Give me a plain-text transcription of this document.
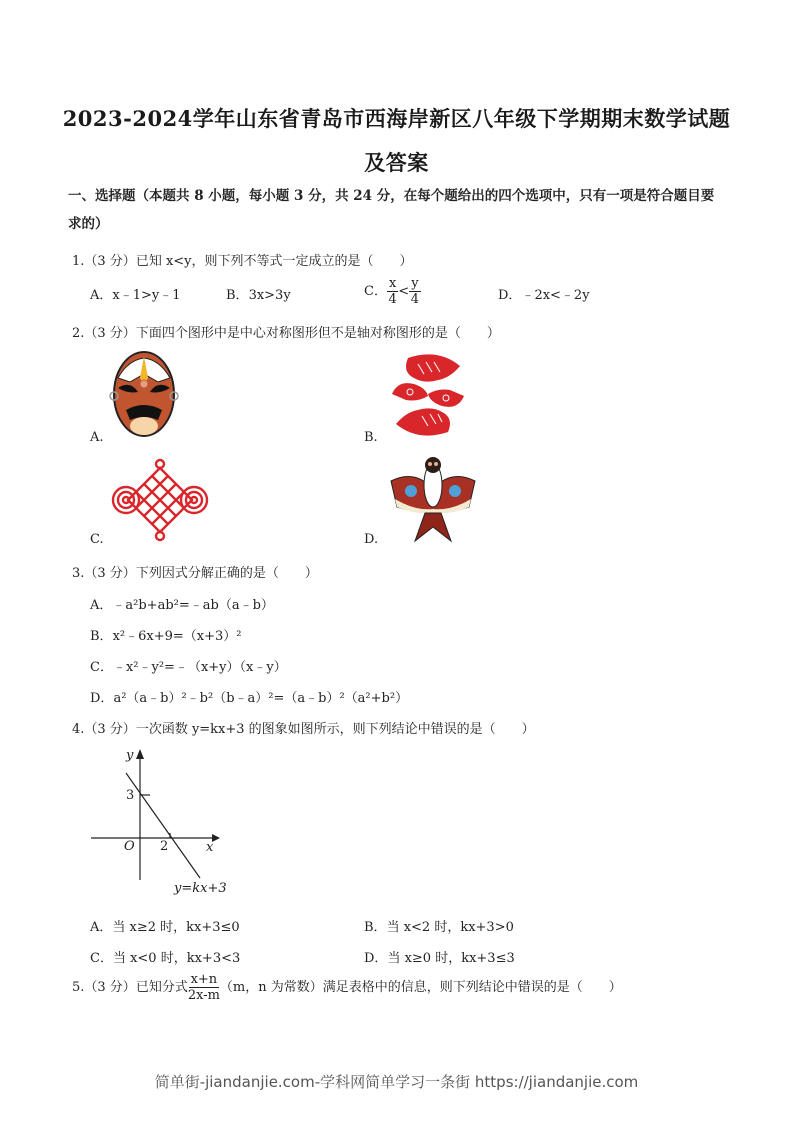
2023-2024学年山东省青岛市西海岸新区八年级下学期期末数学试题
及答案
一、选择题（本题共 8 小题，每小题 3 分，共 24 分，在每个题给出的四个选项中，只有一项是符合题目要
求的）
1.（3 分）已知 x<y，则下列不等式一定成立的是（　　）
A．x﹣1>y﹣1	B．3x>3y	C． $\frac{x}{4} < \frac{y}{4}$	D．﹣2x<﹣2y
2.（3 分）下面四个图形中是中心对称图形但不是轴对称图形的是（　　）
A.	B.
C.	D.
3.（3 分）下列因式分解正确的是（　　）
A．﹣a²b+ab²=﹣ab（a﹣b）
B．x²﹣6x+9=（x+3）²
C．﹣x²﹣y²=﹣（x+y）（x﹣y）
D．a²（a﹣b）²﹣b²（b﹣a）²=（a﹣b）²（a²+b²）
4.（3 分）一次函数 y=kx+3 的图象如图所示，则下列结论中错误的是（　　）
y
x
O
3
2
y=kx+3
A．当 x≥2 时，kx+3≤0	B．当 x<2 时，kx+3>0
C．当 x<0 时，kx+3<3	D．当 x≥0 时，kx+3≤3
5.（3 分）已知分式 $\frac{x+n}{2x-m} (m$，n 为常数）满足表格中的信息，则下列结论中错误的是（　　）
简单街-jiandanjie.com-学科网简单学习一条街 https://jiandanjie.com
